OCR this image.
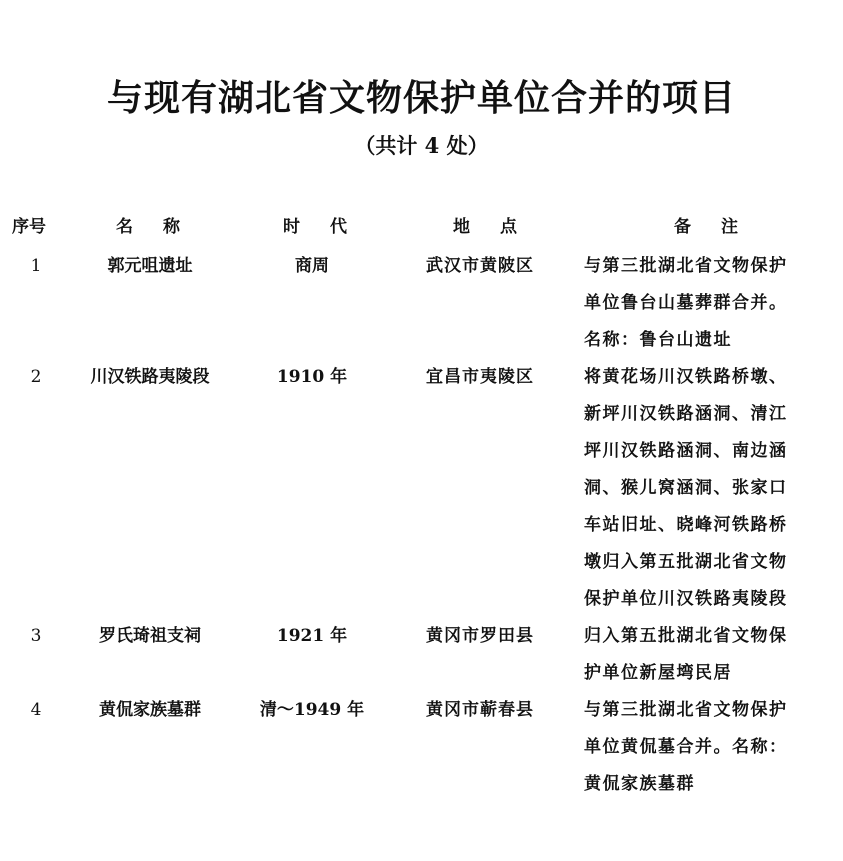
与现有湖北省文物保护单位合并的项目
（共计 4 处）
序号	名称	时代	地点	备注
1	郭元咀遗址	商周	武汉市黄陂区	与第三批湖北省文物保护
单位鲁台山墓葬群合并。
名称：鲁台山遗址
2	川汉铁路夷陵段	1910 年	宜昌市夷陵区	将黄花场川汉铁路桥墩、
新坪川汉铁路涵洞、清江
坪川汉铁路涵洞、南边涵
洞、猴儿窝涵洞、张家口
车站旧址、晓峰河铁路桥
墩归入第五批湖北省文物
保护单位川汉铁路夷陵段
3	罗氏琦祖支祠	1921 年	黄冈市罗田县	归入第五批湖北省文物保
护单位新屋塆民居
4	黄侃家族墓群	清～1949 年	黄冈市蕲春县	与第三批湖北省文物保护
单位黄侃墓合并。名称：
黄侃家族墓群
